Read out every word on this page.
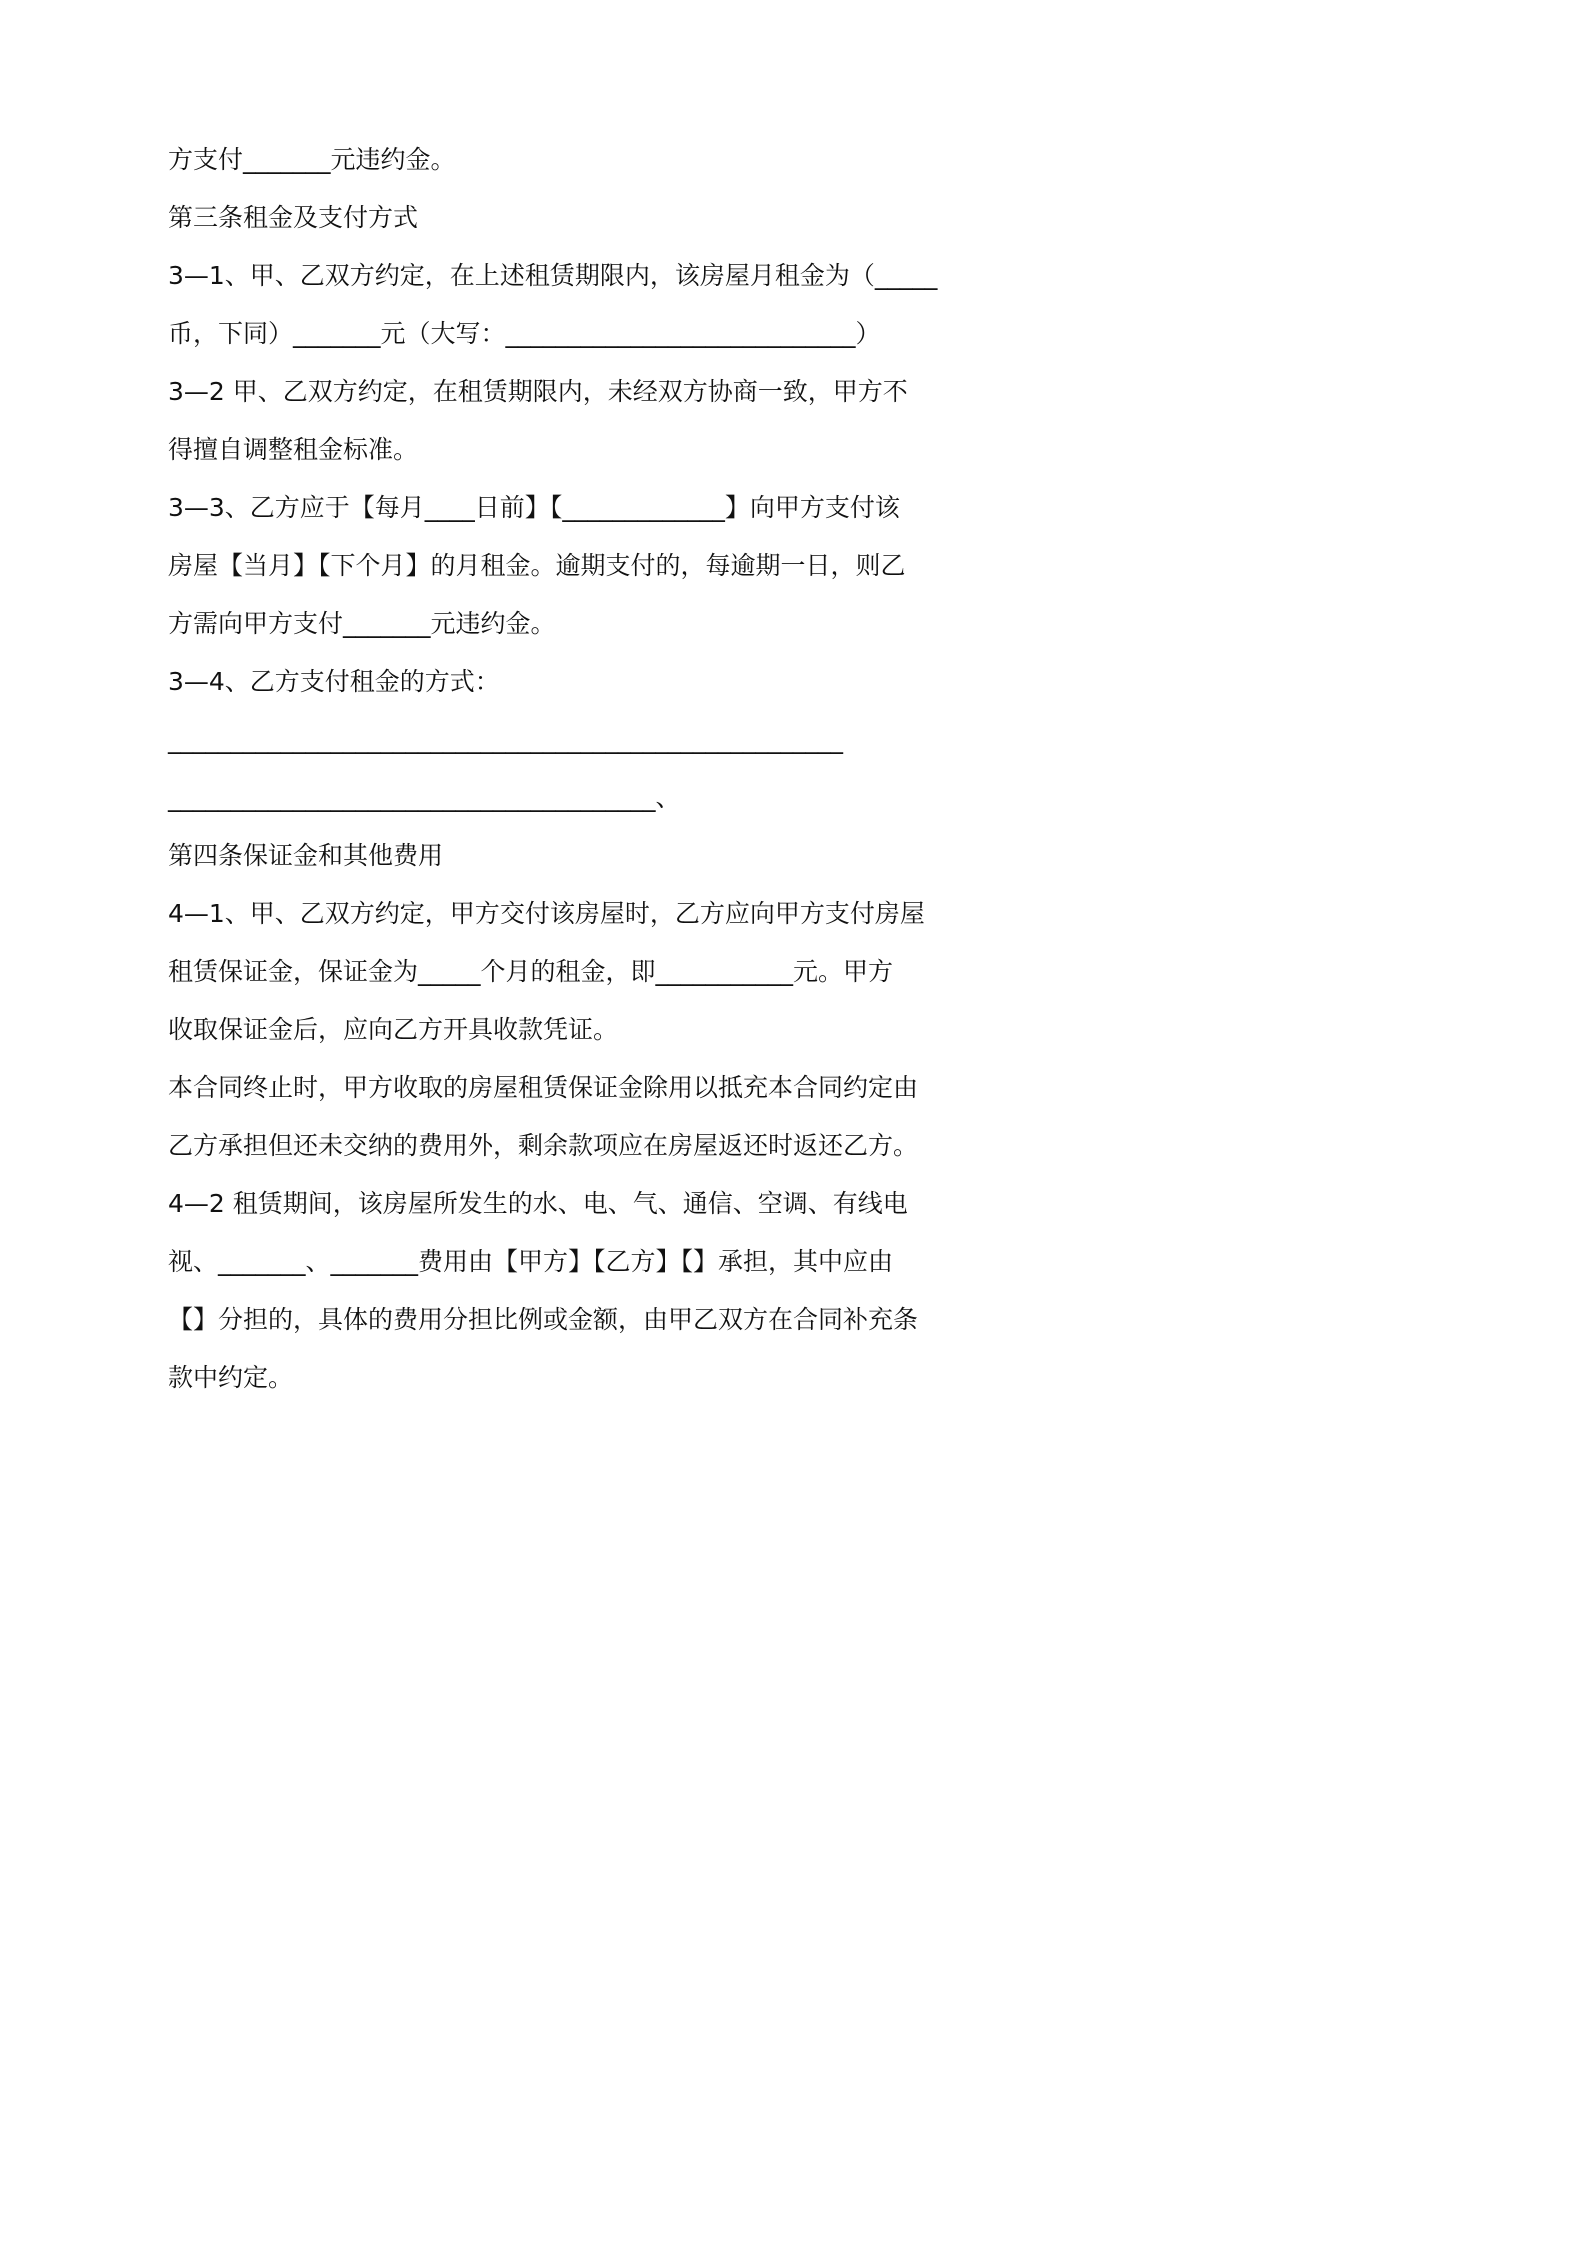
方支付_______元违约金。

第三条租金及支付方式

3—1、甲、乙双方约定，在上述租赁期限内，该房屋月租金为（_____

币，下同）_______元（大写：____________________________）

3—2 甲、乙双方约定，在租赁期限内，未经双方协商一致，甲方不

得擅自调整租金标准。

3—3、乙方应于【每月____日前】【_____________】向甲方支付该

房屋【当月】【下个月】的月租金。逾期支付的，每逾期一日，则乙

方需向甲方支付_______元违约金。

3—4、乙方支付租金的方式：

______________________________________________________

_______________________________________、

第四条保证金和其他费用

4—1、甲、乙双方约定，甲方交付该房屋时，乙方应向甲方支付房屋

租赁保证金，保证金为_____个月的租金，即___________元。甲方

收取保证金后，应向乙方开具收款凭证。

本合同终止时，甲方收取的房屋租赁保证金除用以抵充本合同约定由

乙方承担但还未交纳的费用外，剩余款项应在房屋返还时返还乙方。

4—2 租赁期间，该房屋所发生的水、电、气、通信、空调、有线电

视、_______、_______费用由【甲方】【乙方】【】承担，其中应由

【】分担的，具体的费用分担比例或金额，由甲乙双方在合同补充条

款中约定。
